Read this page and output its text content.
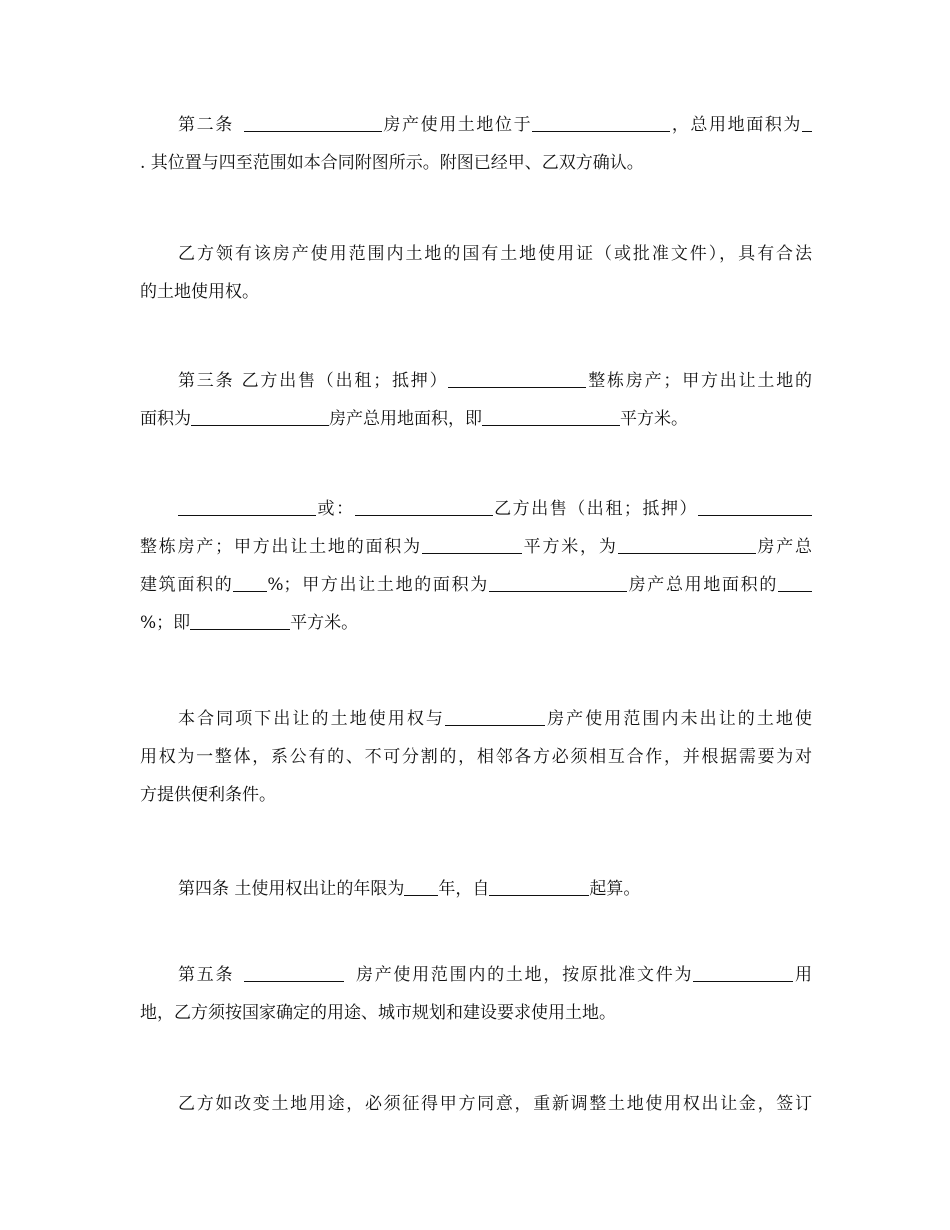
第二条	房产使用土地位于	，总用地面积为
. 其位置与四至范围如本合同附图所示。附图已经甲、乙双方确认。
乙方领有该房产使用范围内土地的国有土地使用证（或批准文件），具有合法
的土地使用权。
第三条 乙方出售（出租；抵押）	整栋房产；甲方出让土地的
面积为	房产总用地面积，即	平方米。
或：	乙方出售（出租；抵押）
整栋房产；甲方出让土地的面积为	平方米，为	房产总
建筑面积的 %；甲方出让土地的面积为	房产总用地面积的
%；即	平方米。
本合同项下出让的土地使用权与	房产使用范围内未出让的土地使
用权为一整体，系公有的、不可分割的，相邻各方必须相互合作，并根据需要为对
方提供便利条件。
第四条 土使用权出让的年限为 年，自	起算。
第五条	房产使用范围内的土地，按原批准文件为	用
地，乙方须按国家确定的用途、城市规划和建设要求使用土地。
乙方如改变土地用途，必须征得甲方同意，重新调整土地使用权出让金，签订
